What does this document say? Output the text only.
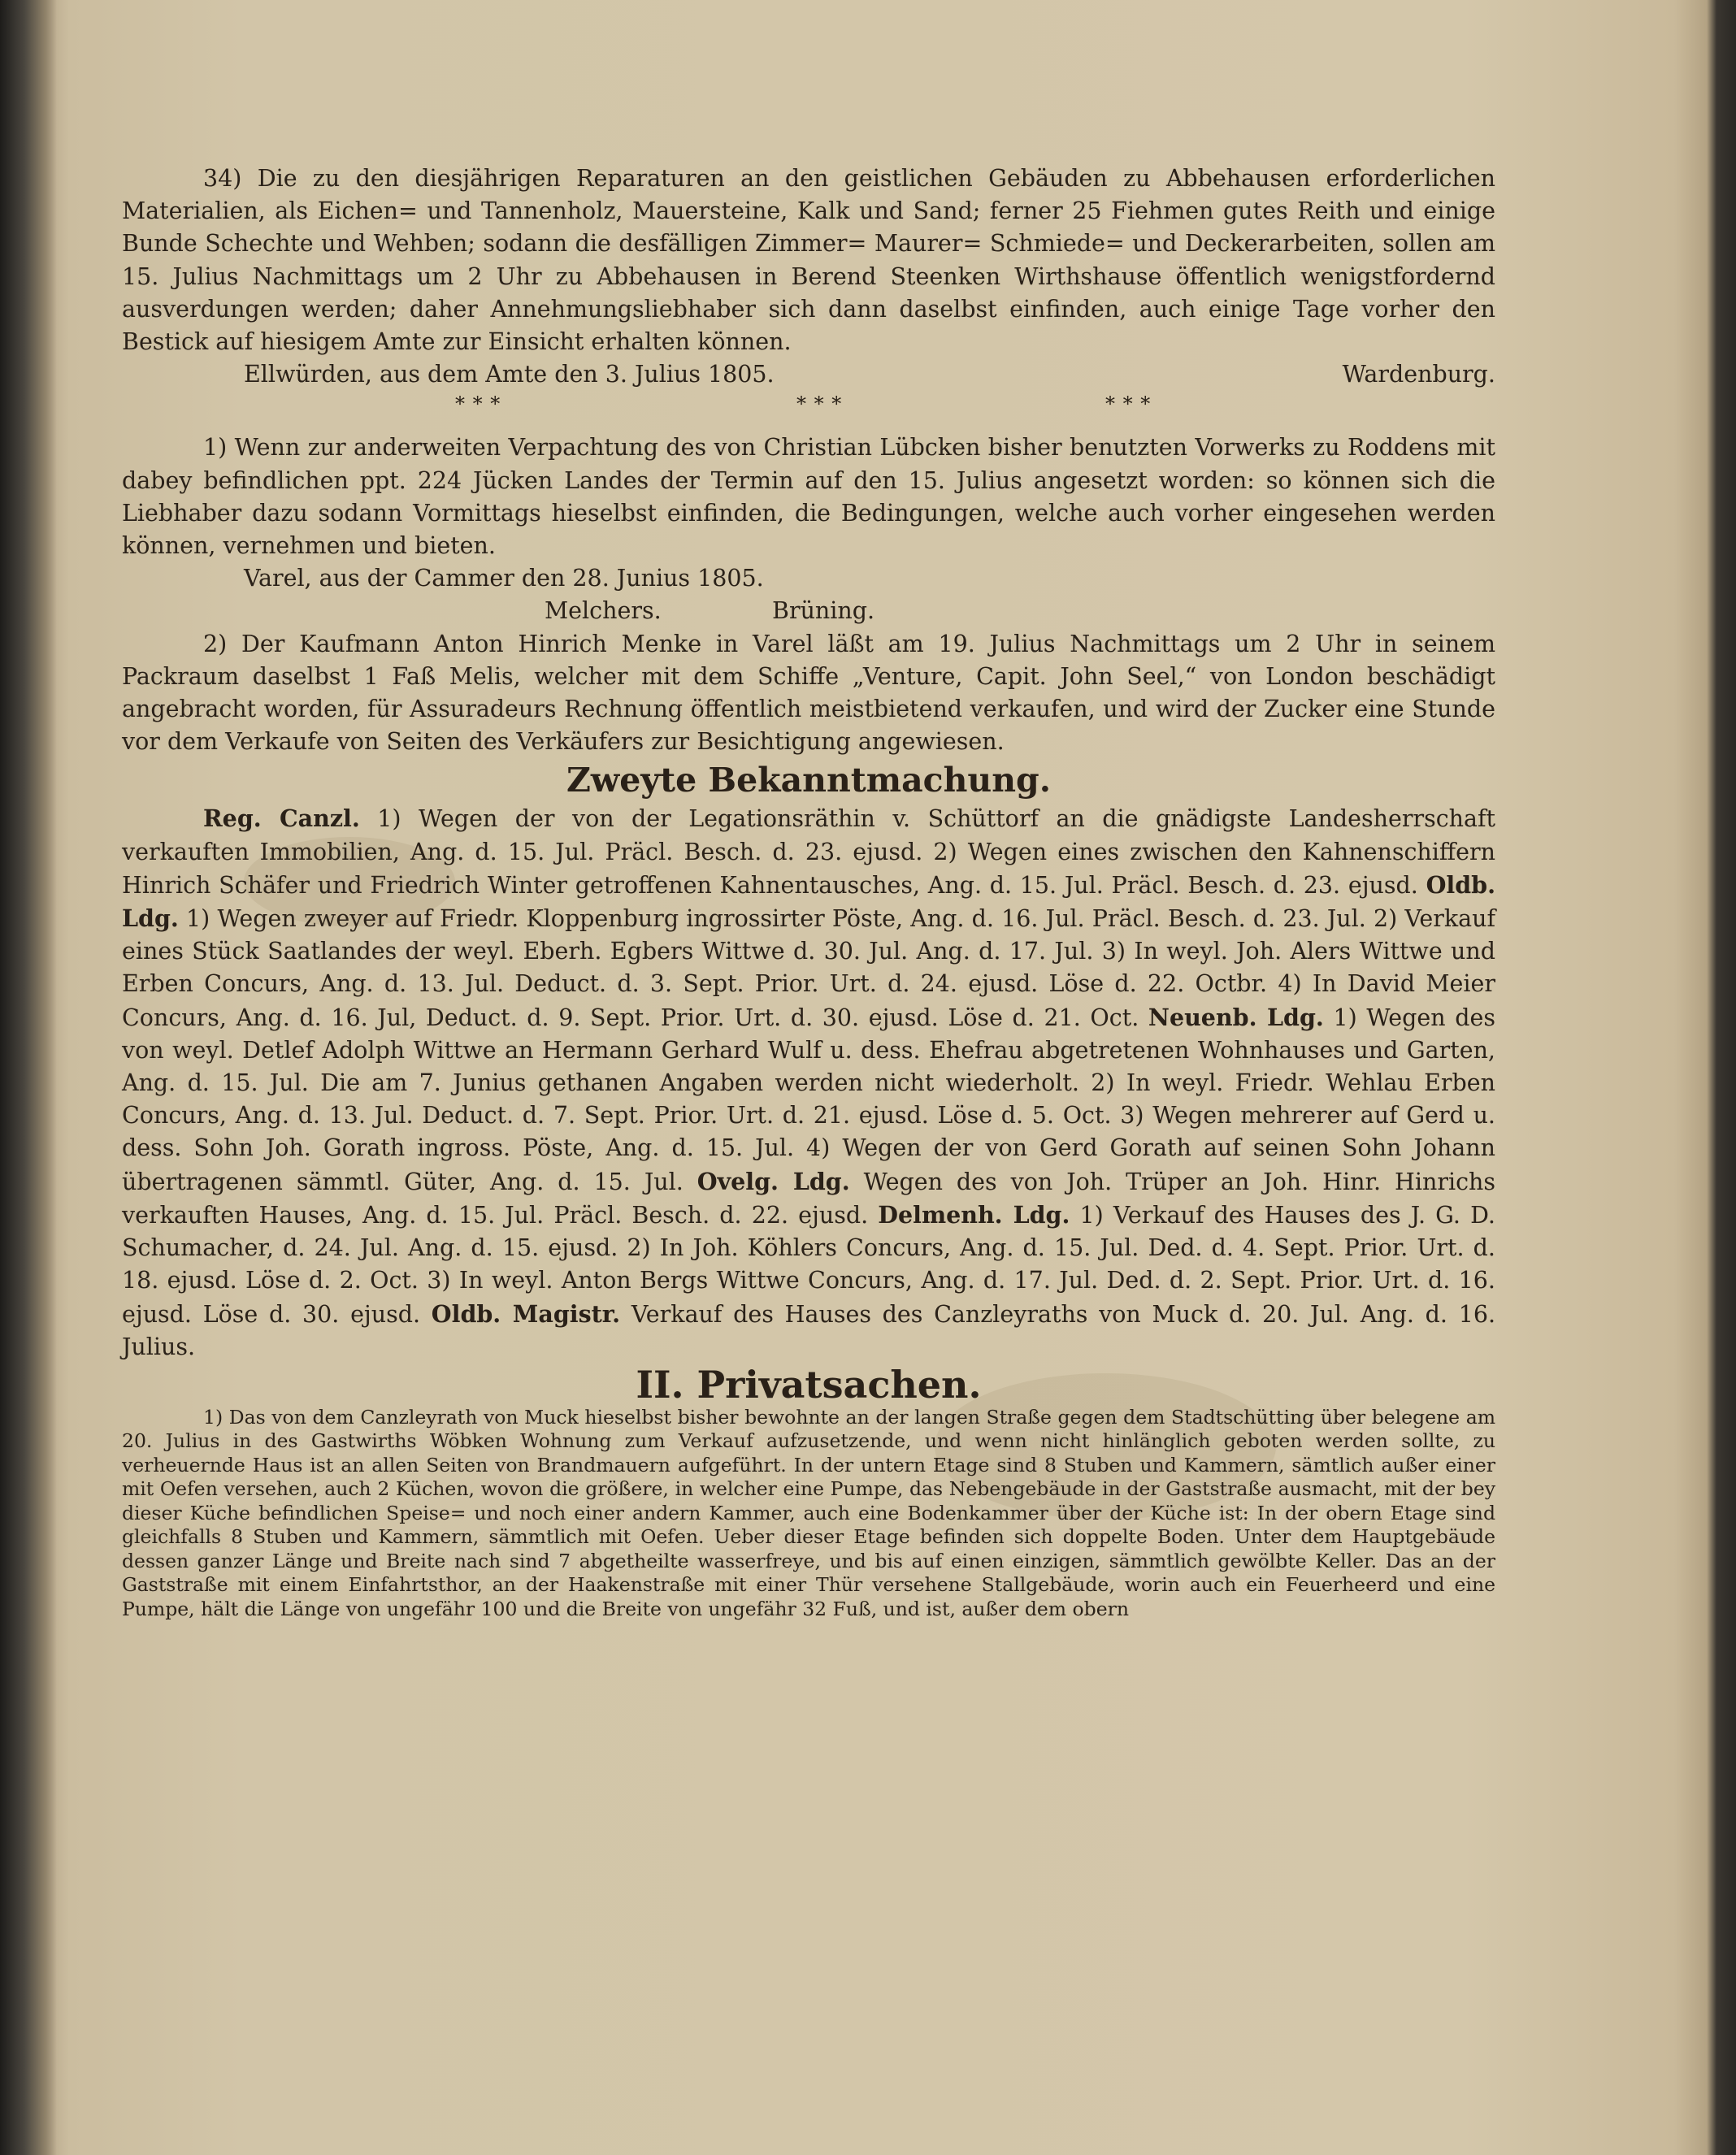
34) Die zu den diesjährigen Reparaturen an den geistlichen Gebäuden zu Abbehausen erforderlichen Materialien, als Eichen= und Tannenholz, Mauersteine, Kalk und Sand; ferner 25 Fiehmen gutes Reith und einige Bunde Schechte und Wehben; sodann die desfälligen Zimmer= Maurer= Schmiede= und Deckerarbeiten, sollen am 15. Julius Nachmittags um 2 Uhr zu Abbehausen in Berend Steenken Wirthshause öffentlich wenigstfordernd ausverdungen werden; daher Annehmungsliebhaber sich dann daselbst einfinden, auch einige Tage vorher den Bestick auf hiesigem Amte zur Einsicht erhalten können.

Ellwürden, aus dem Amte den 3. Julius 1805.	Wardenburg.

* * *	* * *	* * *

1) Wenn zur anderweiten Verpachtung des von Christian Lübcken bisher benutzten Vorwerks zu Roddens mit dabey befindlichen ppt. 224 Jücken Landes der Termin auf den 15. Julius angesetzt worden: so können sich die Liebhaber dazu sodann Vormittags hieselbst einfinden, die Bedingungen, welche auch vorher eingesehen werden können, vernehmen und bieten.

Varel, aus der Cammer den 28. Junius 1805.

Melchers.	Brüning.

2) Der Kaufmann Anton Hinrich Menke in Varel läßt am 19. Julius Nachmittags um 2 Uhr in seinem Packraum daselbst 1 Faß Melis, welcher mit dem Schiffe „Venture, Capit. John Seel,“ von London beschädigt angebracht worden, für Assuradeurs Rechnung öffentlich meistbietend verkaufen, und wird der Zucker eine Stunde vor dem Verkaufe von Seiten des Verkäufers zur Besichtigung angewiesen.

Zweyte Bekanntmachung.

Reg. Canzl. 1) Wegen der von der Legationsräthin v. Schüttorf an die gnädigste Landesherrschaft verkauften Immobilien, Ang. d. 15. Jul. Präcl. Besch. d. 23. ejusd. 2) Wegen eines zwischen den Kahnenschiffern Hinrich Schäfer und Friedrich Winter getroffenen Kahnentausches, Ang. d. 15. Jul. Präcl. Besch. d. 23. ejusd. Oldb. Ldg. 1) Wegen zweyer auf Friedr. Kloppenburg ingrossirter Pöste, Ang. d. 16. Jul. Präcl. Besch. d. 23. Jul. 2) Verkauf eines Stück Saatlandes der weyl. Eberh. Egbers Wittwe d. 30. Jul. Ang. d. 17. Jul. 3) In weyl. Joh. Alers Wittwe und Erben Concurs, Ang. d. 13. Jul. Deduct. d. 3. Sept. Prior. Urt. d. 24. ejusd. Löse d. 22. Octbr. 4) In David Meier Concurs, Ang. d. 16. Jul, Deduct. d. 9. Sept. Prior. Urt. d. 30. ejusd. Löse d. 21. Oct. Neuenb. Ldg. 1) Wegen des von weyl. Detlef Adolph Wittwe an Hermann Gerhard Wulf u. dess. Ehefrau abgetretenen Wohnhauses und Garten, Ang. d. 15. Jul. Die am 7. Junius gethanen Angaben werden nicht wiederholt. 2) In weyl. Friedr. Wehlau Erben Concurs, Ang. d. 13. Jul. Deduct. d. 7. Sept. Prior. Urt. d. 21. ejusd. Löse d. 5. Oct. 3) Wegen mehrerer auf Gerd u. dess. Sohn Joh. Gorath ingross. Pöste, Ang. d. 15. Jul. 4) Wegen der von Gerd Gorath auf seinen Sohn Johann übertragenen sämmtl. Güter, Ang. d. 15. Jul. Ovelg. Ldg. Wegen des von Joh. Trüper an Joh. Hinr. Hinrichs verkauften Hauses, Ang. d. 15. Jul. Präcl. Besch. d. 22. ejusd. Delmenh. Ldg. 1) Verkauf des Hauses des J. G. D. Schumacher, d. 24. Jul. Ang. d. 15. ejusd. 2) In Joh. Köhlers Concurs, Ang. d. 15. Jul. Ded. d. 4. Sept. Prior. Urt. d. 18. ejusd. Löse d. 2. Oct. 3) In weyl. Anton Bergs Wittwe Concurs, Ang. d. 17. Jul. Ded. d. 2. Sept. Prior. Urt. d. 16. ejusd. Löse d. 30. ejusd. Oldb. Magistr. Verkauf des Hauses des Canzleyraths von Muck d. 20. Jul. Ang. d. 16. Julius.

II. Privatsachen.

1) Das von dem Canzleyrath von Muck hieselbst bisher bewohnte an der langen Straße gegen dem Stadtschütting über belegene am 20. Julius in des Gastwirths Wöbken Wohnung zum Verkauf aufzusetzende, und wenn nicht hinlänglich geboten werden sollte, zu verheuernde Haus ist an allen Seiten von Brandmauern aufgeführt. In der untern Etage sind 8 Stuben und Kammern, sämtlich außer einer mit Oefen versehen, auch 2 Küchen, wovon die größere, in welcher eine Pumpe, das Nebengebäude in der Gaststraße ausmacht, mit der bey dieser Küche befindlichen Speise= und noch einer andern Kammer, auch eine Bodenkammer über der Küche ist: In der obern Etage sind gleichfalls 8 Stuben und Kammern, sämmtlich mit Oefen. Ueber dieser Etage befinden sich doppelte Boden. Unter dem Hauptgebäude dessen ganzer Länge und Breite nach sind 7 abgetheilte wasserfreye, und bis auf einen einzigen, sämmtlich gewölbte Keller. Das an der Gaststraße mit einem Einfahrtsthor, an der Haakenstraße mit einer Thür versehene Stallgebäude, worin auch ein Feuerheerd und eine Pumpe, hält die Länge von ungefähr 100 und die Breite von ungefähr 32 Fuß, und ist, außer dem obern
